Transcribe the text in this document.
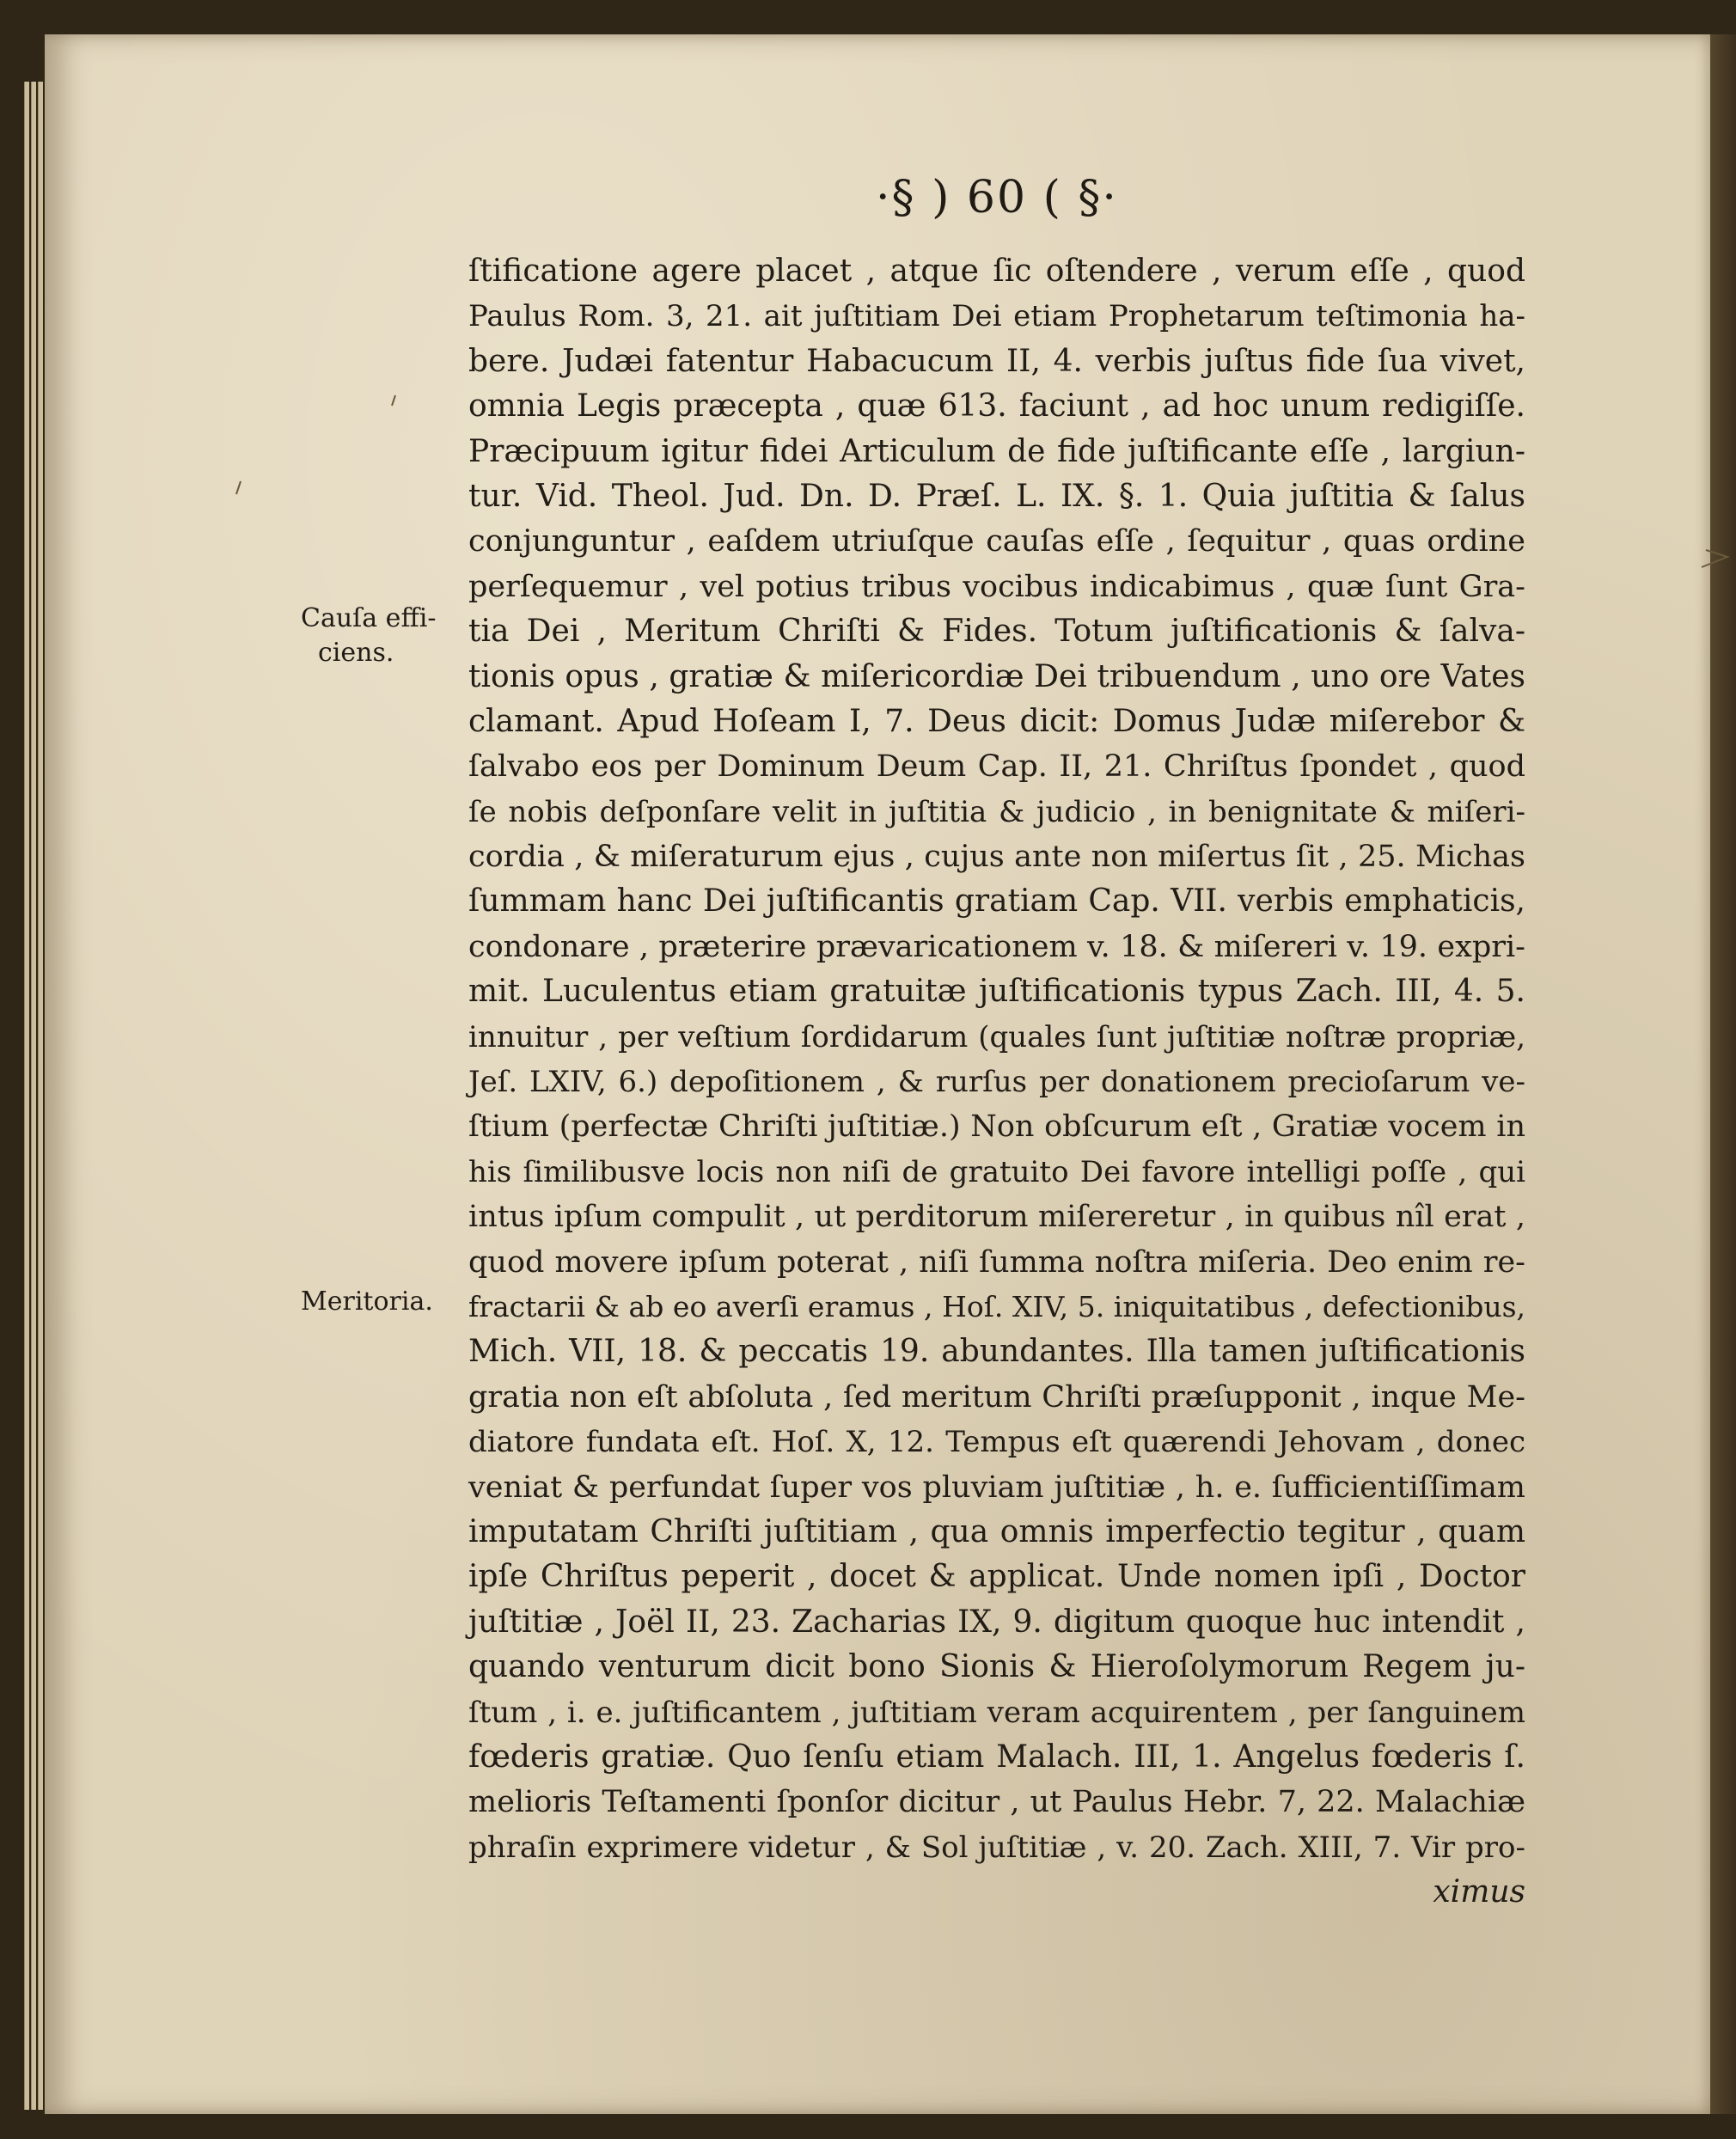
·§ ) 60 ( §·
Cauſa effi-
ciens.
Meritoria.
ſtificatione agere placet , atque ſic oſtendere , verum eſſe , quod
Paulus Rom. 3, 21. ait juſtitiam Dei etiam Prophetarum teſtimonia ha-
bere. Judæi fatentur Habacucum II, 4. verbis juſtus fide ſua vivet,
omnia Legis præcepta , quæ 613. faciunt , ad hoc unum redigiſſe.
Præcipuum igitur fidei Articulum de fide juſtificante eſſe , largiun-
tur. Vid. Theol. Jud. Dn. D. Præſ. L. IX. §. 1. Quia juſtitia & ſalus
conjunguntur , eaſdem utriuſque cauſas eſſe , ſequitur , quas ordine
perſequemur , vel potius tribus vocibus indicabimus , quæ ſunt Gra-
tia Dei , Meritum Chriſti & Fides. Totum juſtificationis & ſalva-
tionis opus , gratiæ & miſericordiæ Dei tribuendum , uno ore Vates
clamant. Apud Hoſeam I, 7. Deus dicit: Domus Judæ miſerebor &
ſalvabo eos per Dominum Deum Cap. II, 21. Chriſtus ſpondet , quod
ſe nobis deſponſare velit in juſtitia & judicio , in benignitate & miſeri-
cordia , & miſeraturum ejus , cujus ante non miſertus ſit , 25. Michas
ſummam hanc Dei juſtificantis gratiam Cap. VII. verbis emphaticis,
condonare , præterire prævaricationem v. 18. & miſereri v. 19. expri-
mit. Luculentus etiam gratuitæ juſtificationis typus Zach. III, 4. 5.
innuitur , per veſtium ſordidarum (quales ſunt juſtitiæ noſtræ propriæ,
Jeſ. LXIV, 6.) depoſitionem , & rurſus per donationem precioſarum ve-
ſtium (perfectæ Chriſti juſtitiæ.) Non obſcurum eſt , Gratiæ vocem in
his ſimilibusve locis non niſi de gratuito Dei favore intelligi poſſe , qui
intus ipſum compulit , ut perditorum miſereretur , in quibus nîl erat ,
quod movere ipſum poterat , niſi ſumma noſtra miſeria. Deo enim re-
fractarii & ab eo averſi eramus , Hoſ. XIV, 5. iniquitatibus , defectionibus,
Mich. VII, 18. & peccatis 19. abundantes. Illa tamen juſtificationis
gratia non eſt abſoluta , ſed meritum Chriſti præſupponit , inque Me-
diatore fundata eſt. Hoſ. X, 12. Tempus eſt quærendi Jehovam , donec
veniat & perfundat ſuper vos pluviam juſtitiæ , h. e. ſufficientiſſimam
imputatam Chriſti juſtitiam , qua omnis imperfectio tegitur , quam
ipſe Chriſtus peperit , docet & applicat. Unde nomen ipſi , Doctor
juſtitiæ , Joël II, 23. Zacharias IX, 9. digitum quoque huc intendit ,
quando venturum dicit bono Sionis & Hieroſolymorum Regem ju-
ſtum , i. e. juſtificantem , juſtitiam veram acquirentem , per ſanguinem
fœderis gratiæ. Quo ſenſu etiam Malach. III, 1. Angelus fœderis ſ.
melioris Teſtamenti ſponſor dicitur , ut Paulus Hebr. 7, 22. Malachiæ
phraſin exprimere videtur , & Sol juſtitiæ , v. 20. Zach. XIII, 7. Vir pro-
ximus
